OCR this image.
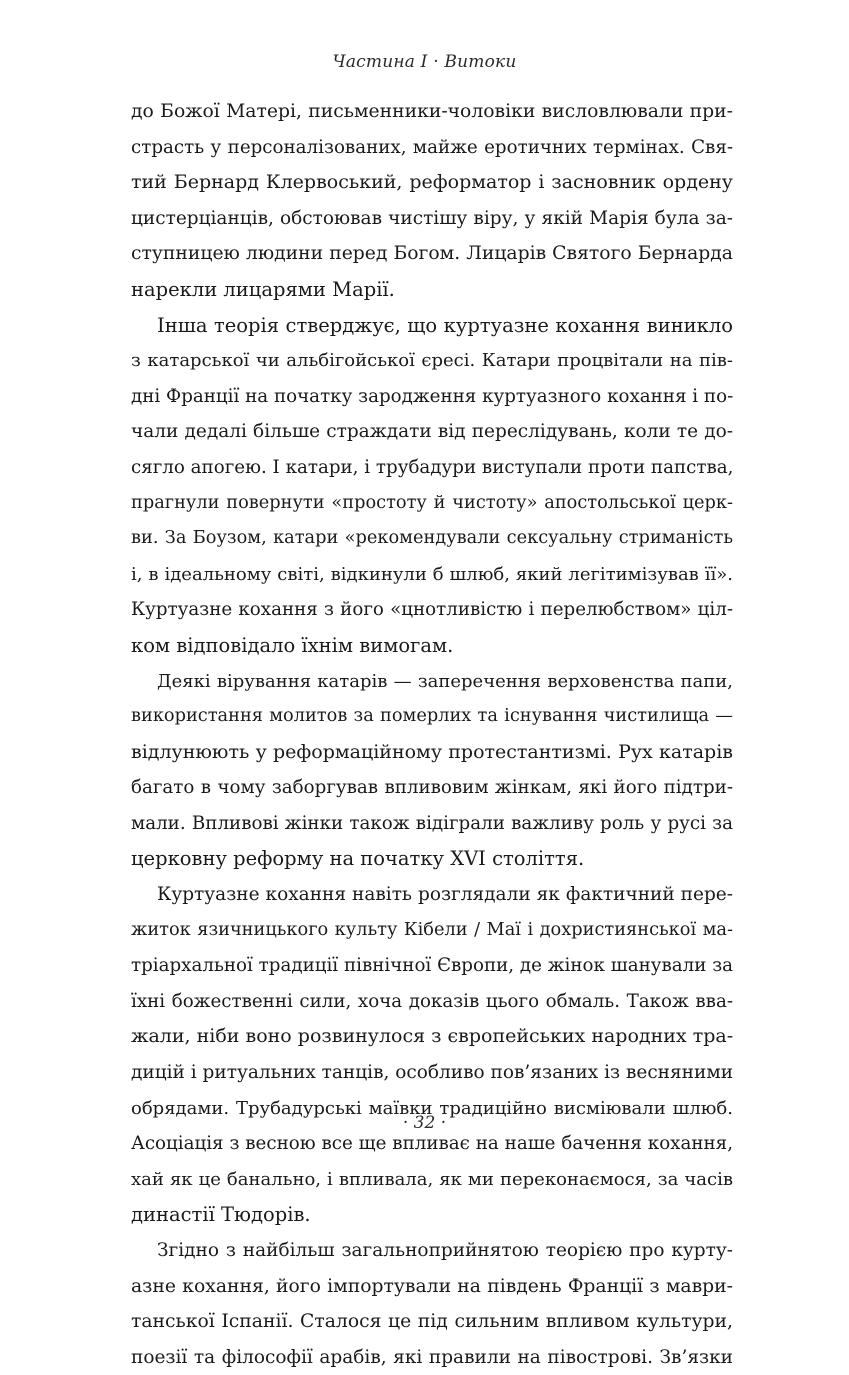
Частина I · Витоки
до Божої Матері, письменники-чоловіки висловлювали при-
страсть у персоналізованих, майже еротичних термінах. Свя-
тий Бернард Клервоський, реформатор і засновник ордену
цистерціанців, обстоював чистішу віру, у якій Марія була за-
ступницею людини перед Богом. Лицарів Святого Бернарда
нарекли лицарями Марії.
Інша теорія стверджує, що куртуазне кохання виникло
з катарської чи альбігойської єресі. Катари процвітали на пів-
дні Франції на початку зародження куртуазного кохання і по-
чали дедалі більше страждати від переслідувань, коли те до-
сягло апогею. І катари, і трубадури виступали проти папства,
прагнули повернути «простоту й чистоту» апостольської церк-
ви. За Боузом, катари «рекомендували сексуальну стриманість
і, в ідеальному світі, відкинули б шлюб, який легітимізував її».
Куртуазне кохання з його «цнотливістю і перелюбством» ціл-
ком відповідало їхнім вимогам.
Деякі вірування катарів — заперечення верховенства папи,
використання молитов за померлих та існування чистилища —
відлунюють у реформаційному протестантизмі. Рух катарів
багато в чому заборгував впливовим жінкам, які його підтри-
мали. Впливові жінки також відіграли важливу роль у русі за
церковну реформу на початку XVI століття.
Куртуазне кохання навіть розглядали як фактичний пере-
житок язичницького культу Кібели / Маї і дохристиянської ма-
тріархальної традиції північної Європи, де жінок шанували за
їхні божественні сили, хоча доказів цього обмаль. Також вва-
жали, ніби воно розвинулося з європейських народних тра-
дицій і ритуальних танців, особливо пов’язаних із весняними
обрядами. Трубадурські маївки традиційно висміювали шлюб.
Асоціація з весною все ще впливає на наше бачення кохання,
хай як це банально, і впливала, як ми переконаємося, за часів
династії Тюдорів.
Згідно з найбільш загальноприйнятою теорією про курту-
азне кохання, його імпортували на південь Франції з маври-
танської Іспанії. Сталося це під сильним впливом культури,
поезії та філософії арабів, які правили на півострові. Зв’язки
· 32 ·
